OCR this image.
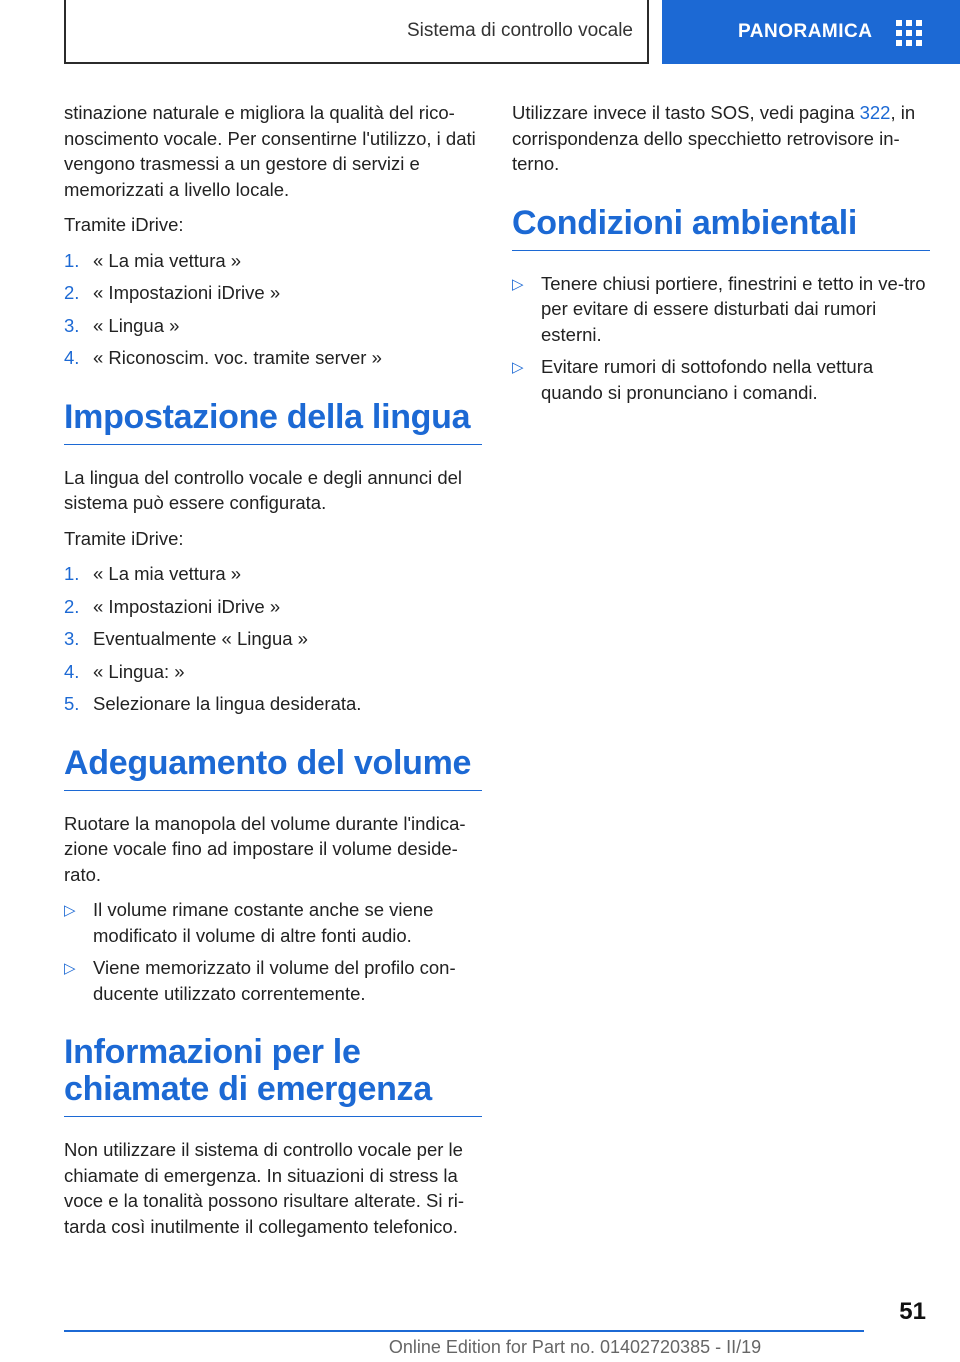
Sistema di controllo vocale	PANORAMICA

stinazione naturale e migliora la qualità del rico-noscimento vocale. Per consentirne l'utilizzo, i dati vengono trasmessi a un gestore di servizi e memorizzati a livello locale.

Tramite iDrive:

1. « La mia vettura »
2. « Impostazioni iDrive »
3. « Lingua »
4. « Riconoscim. voc. tramite server »
Impostazione della lingua

La lingua del controllo vocale e degli annunci del sistema può essere configurata.

Tramite iDrive:

1. « La mia vettura »
2. « Impostazioni iDrive »
3. Eventualmente « Lingua »
4. « Lingua: »
5. Selezionare la lingua desiderata.
Adeguamento del volume

Ruotare la manopola del volume durante l'indica-zione vocale fino ad impostare il volume deside-rato.

▷ Il volume rimane costante anche se viene modificato il volume di altre fonti audio.
▷ Viene memorizzato il volume del profilo con-ducente utilizzato correntemente.
Informazioni per le chiamate di emergenza

Non utilizzare il sistema di controllo vocale per le chiamate di emergenza. In situazioni di stress la voce e la tonalità possono risultare alterate. Si ri-tarda così inutilmente il collegamento telefonico.

Utilizzare invece il tasto SOS, vedi pagina 322, in corrispondenza dello specchietto retrovisore in-terno.

Condizioni ambientali
▷ Tenere chiusi portiere, finestrini e tetto in ve-tro per evitare di essere disturbati dai rumori esterni.
▷ Evitare rumori di sottofondo nella vettura quando si pronunciano i comandi.
51
Online Edition for Part no. 01402720385 - II/19
